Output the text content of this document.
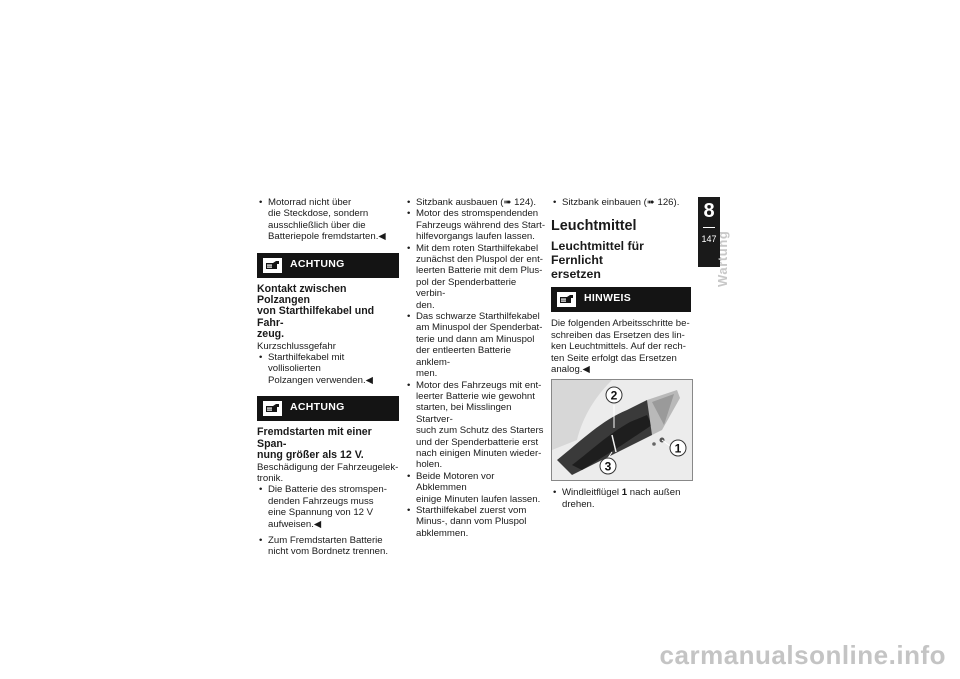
• Motorrad nicht über
die Steckdose, sondern
ausschließlich über die
Batteriepole fremdstarten.◀
ACHTUNG
Kontakt zwischen Polzangen
von Starthilfekabel und Fahr-
zeug.

Kurzschlussgefahr

• Starthilfekabel mit vollisolierten
Polzangen verwenden.◀
ACHTUNG
Fremdstarten mit einer Span-
nung größer als 12 V.
Beschädigung der Fahrzeugelek-
tronik.
• Die Batterie des stromspen-
denden Fahrzeugs muss
eine Spannung von 12 V
aufweisen.◀
• Zum Fremdstarten Batterie
nicht vom Bordnetz trennen.
• Sitzbank ausbauen (➠ 124).
• Motor des stromspendenden
Fahrzeugs während des Start-
hilfevorgangs laufen lassen.
• Mit dem roten Starthilfekabel
zunächst den Pluspol der ent-
leerten Batterie mit dem Plus-
pol der Spenderbatterie verbin-
den.
• Das schwarze Starthilfekabel
am Minuspol der Spenderbat-
terie und dann am Minuspol
der entleerten Batterie anklem-
men.
• Motor des Fahrzeugs mit ent-
leerter Batterie wie gewohnt
starten, bei Misslingen Startver-
such zum Schutz des Starters
und der Spenderbatterie erst
nach einigen Minuten wieder-
holen.
• Beide Motoren vor Abklemmen
einige Minuten laufen lassen.
• Starthilfekabel zuerst vom
Minus-, dann vom Pluspol
abklemmen.
• Sitzbank einbauen (➠ 126).
Leuchtmittel
Leuchtmittel für Fernlicht
ersetzen
HINWEIS
Die folgenden Arbeitsschritte be-
schreiben das Ersetzen des lin-
ken Leuchtmittels. Auf der rech-
ten Seite erfolgt das Ersetzen
analog.◀
2
1
3
• Windleitflügel 1 nach außen
drehen.
8
147
Wartung
carmanualsonline.info
